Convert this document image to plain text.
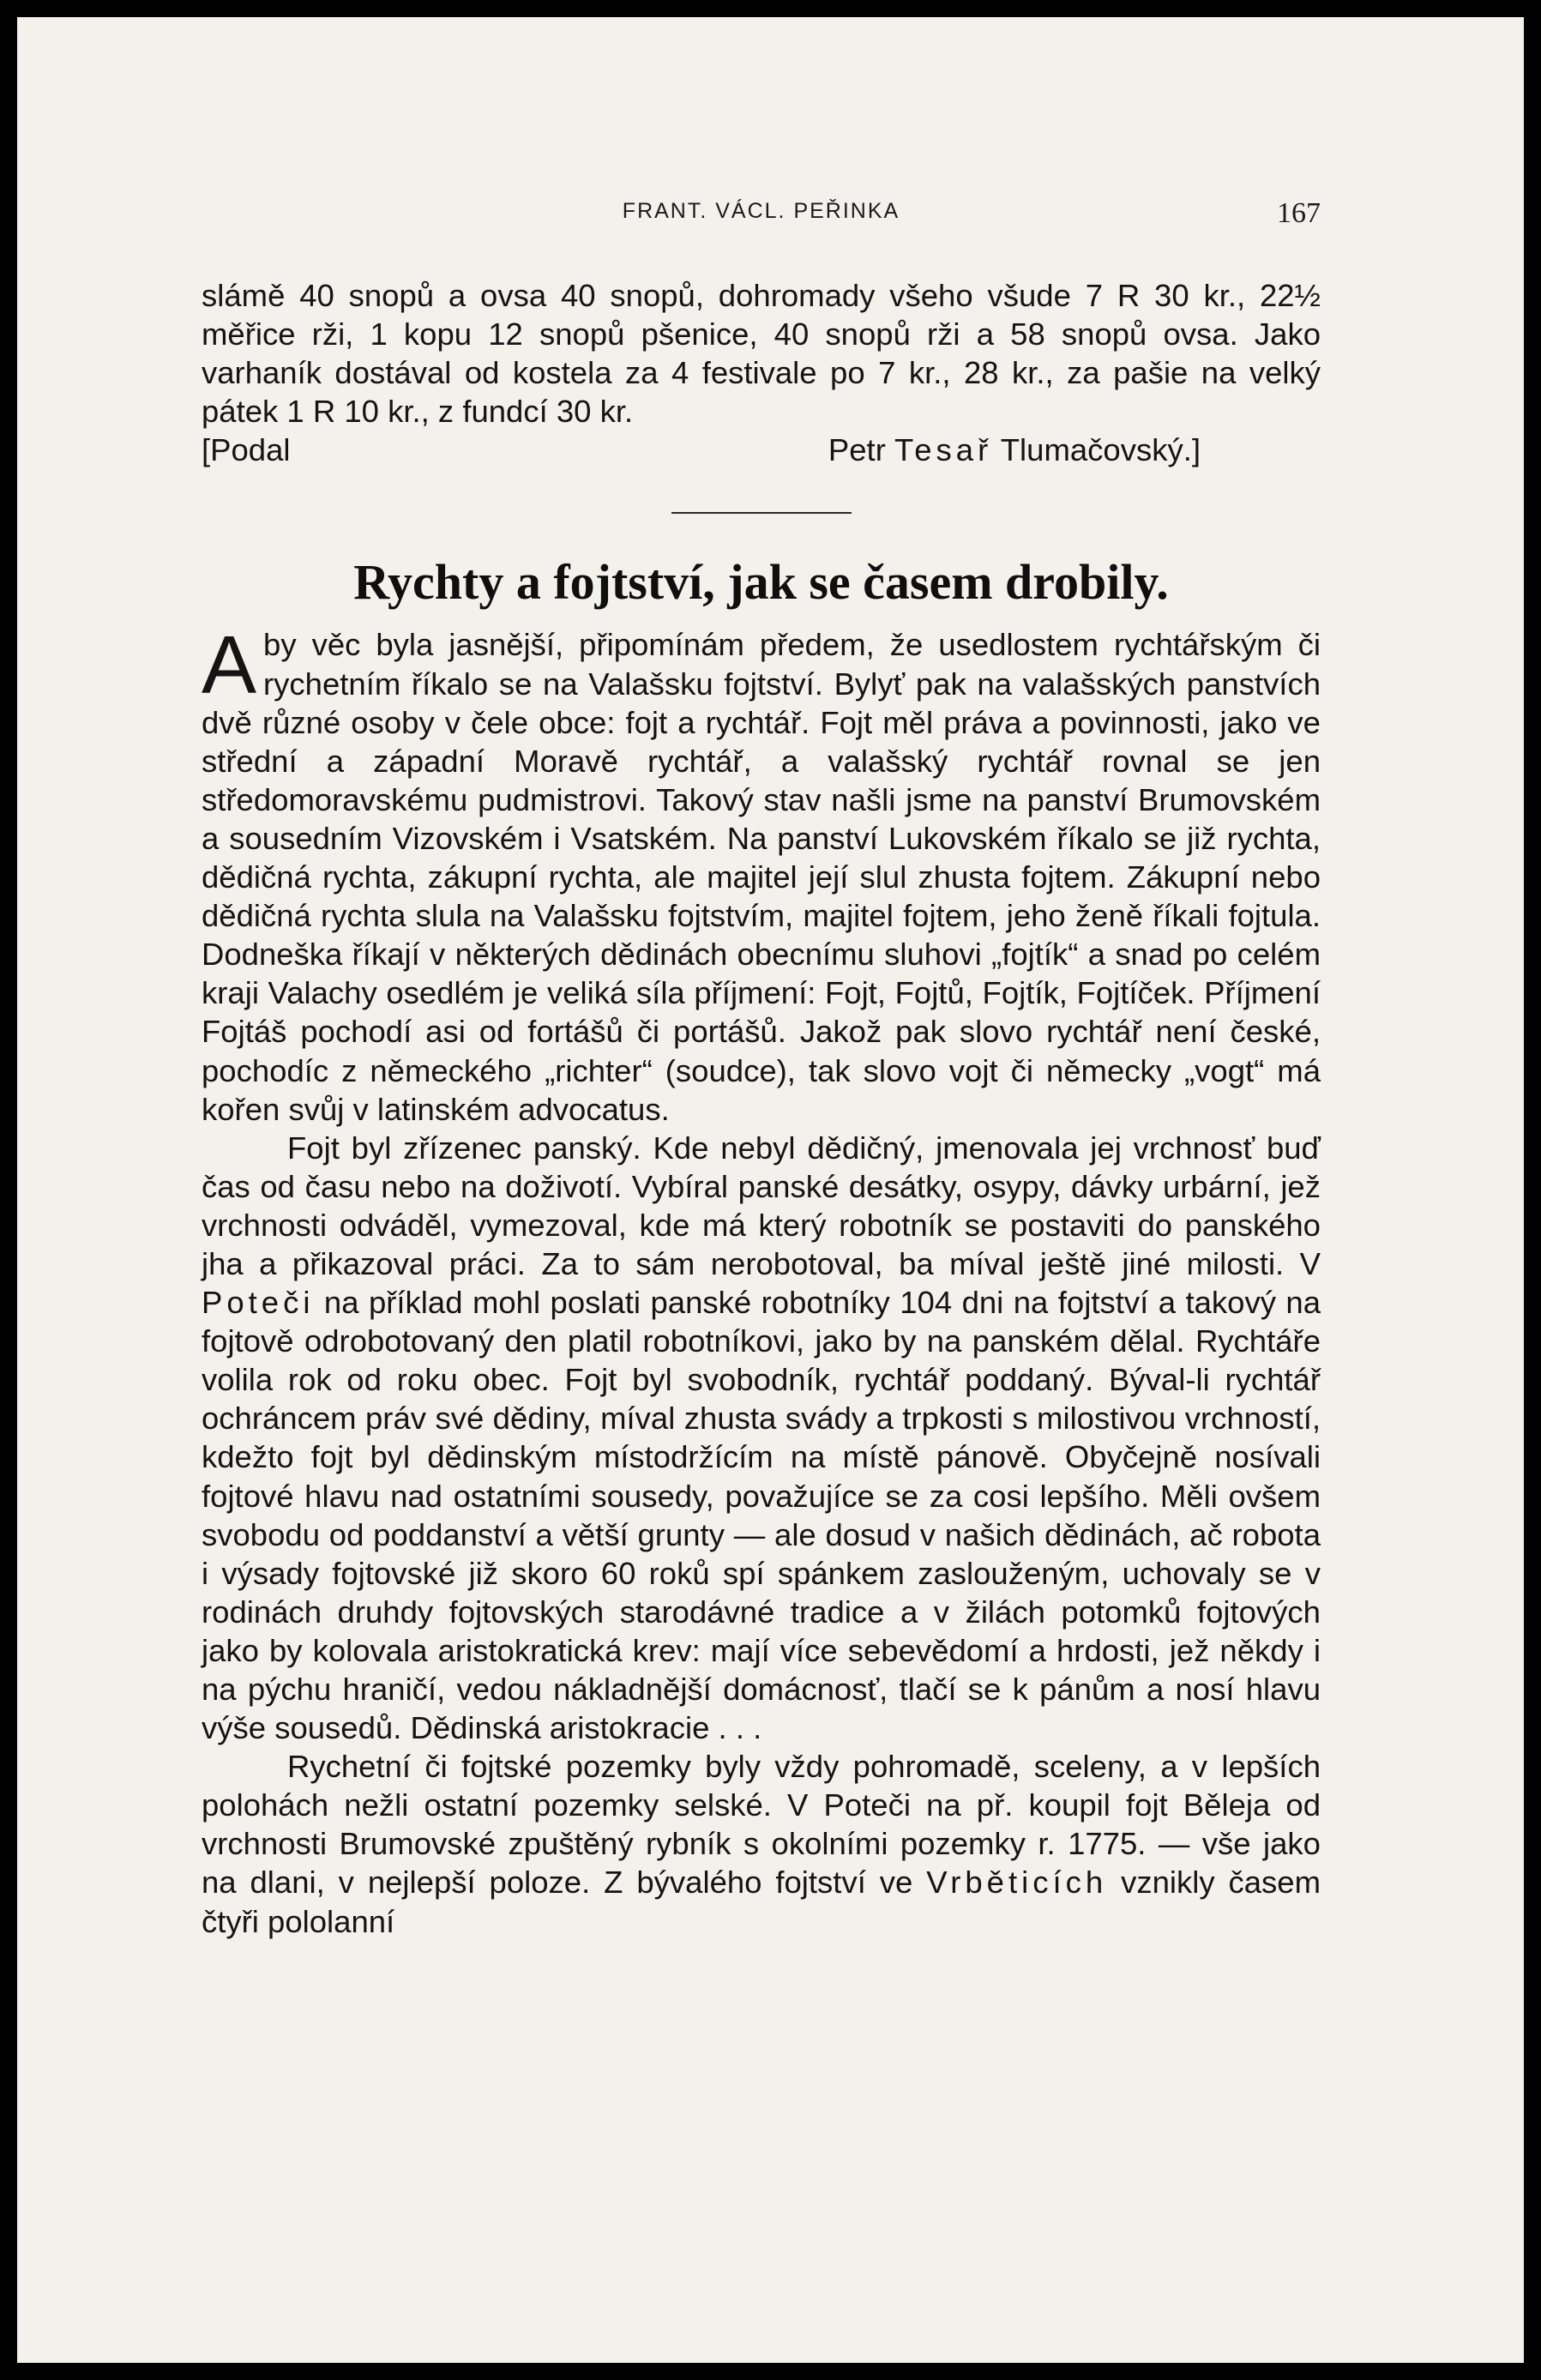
FRANT. VÁCL. PEŘINKA	167

slámě 40 snopů a ovsa 40 snopů, dohromady všeho všude 7 R 30 kr., 22½ měřice rži, 1 kopu 12 snopů pšenice, 40 snopů rži a 58 snopů ovsa. Jako varhaník dostával od kostela za 4 festivale po 7 kr., 28 kr., za pašie na velký pátek 1 R 10 kr., z fundcí 30 kr.

[Podal	Petr Tesař Tlumačovský.]
Rychty a fojtství, jak se časem drobily.

Aby věc byla jasnější, připomínám předem, že usedlostem rychtářským či rychetním říkalo se na Valašsku fojtství. Bylyť pak na valašských panstvích dvě různé osoby v čele obce: fojt a rychtář. Fojt měl práva a povinnosti, jako ve střední a západní Moravě rychtář, a valašský rychtář rovnal se jen středomoravskému pudmistrovi. Takový stav našli jsme na panství Brumovském a sousedním Vizovském i Vsatském. Na panství Lukovském říkalo se již rychta, dědičná rychta, zákupní rychta, ale majitel její slul zhusta fojtem. Zákupní nebo dědičná rychta slula na Valašsku fojtstvím, majitel fojtem, jeho ženě říkali fojtula. Dodneška říkají v některých dědinách obecnímu sluhovi „fojtík“ a snad po celém kraji Valachy osedlém je veliká síla příjmení: Fojt, Fojtů, Fojtík, Fojtíček. Příjmení Fojtáš pochodí asi od fortášů či portášů. Jakož pak slovo rychtář není české, pochodíc z německého „richter“ (soudce), tak slovo vojt či německy „vogt“ má kořen svůj v latinském advocatus.

Fojt byl zřízenec panský. Kde nebyl dědičný, jmenovala jej vrchnosť buď čas od času nebo na doživotí. Vybíral panské desátky, osypy, dávky urbární, jež vrchnosti odváděl, vymezoval, kde má který robotník se postaviti do panského jha a přikazoval práci. Za to sám nerobotoval, ba míval ještě jiné milosti. V Poteči na příklad mohl poslati panské robotníky 104 dni na fojtství a takový na fojtově odrobotovaný den platil robotníkovi, jako by na panském dělal. Rychtáře volila rok od roku obec. Fojt byl svobodník, rychtář poddaný. Býval-li rychtář ochráncem práv své dědiny, míval zhusta svády a trpkosti s milostivou vrchností, kdežto fojt byl dědinským místodržícím na místě pánově. Obyčejně nosívali fojtové hlavu nad ostatními sousedy, považujíce se za cosi lepšího. Měli ovšem svobodu od poddanství a větší grunty — ale dosud v našich dědinách, ač robota i výsady fojtovské již skoro 60 roků spí spánkem zaslouženým, uchovaly se v rodinách druhdy fojtovských starodávné tradice a v žilách potomků fojtových jako by kolovala aristokratická krev: mají více sebevědomí a hrdosti, jež někdy i na pýchu hraničí, vedou nákladnější domácnosť, tlačí se k pánům a nosí hlavu výše sousedů. Dědinská aristokracie . . .

Rychetní či fojtské pozemky byly vždy pohromadě, sceleny, a v lepších polohách nežli ostatní pozemky selské. V Poteči na př. koupil fojt Běleja od vrchnosti Brumovské zpuštěný rybník s okolními pozemky r. 1775. — vše jako na dlani, v nejlepší poloze. Z bývalého fojtství ve Vrběticích vznikly časem čtyři pololanní
